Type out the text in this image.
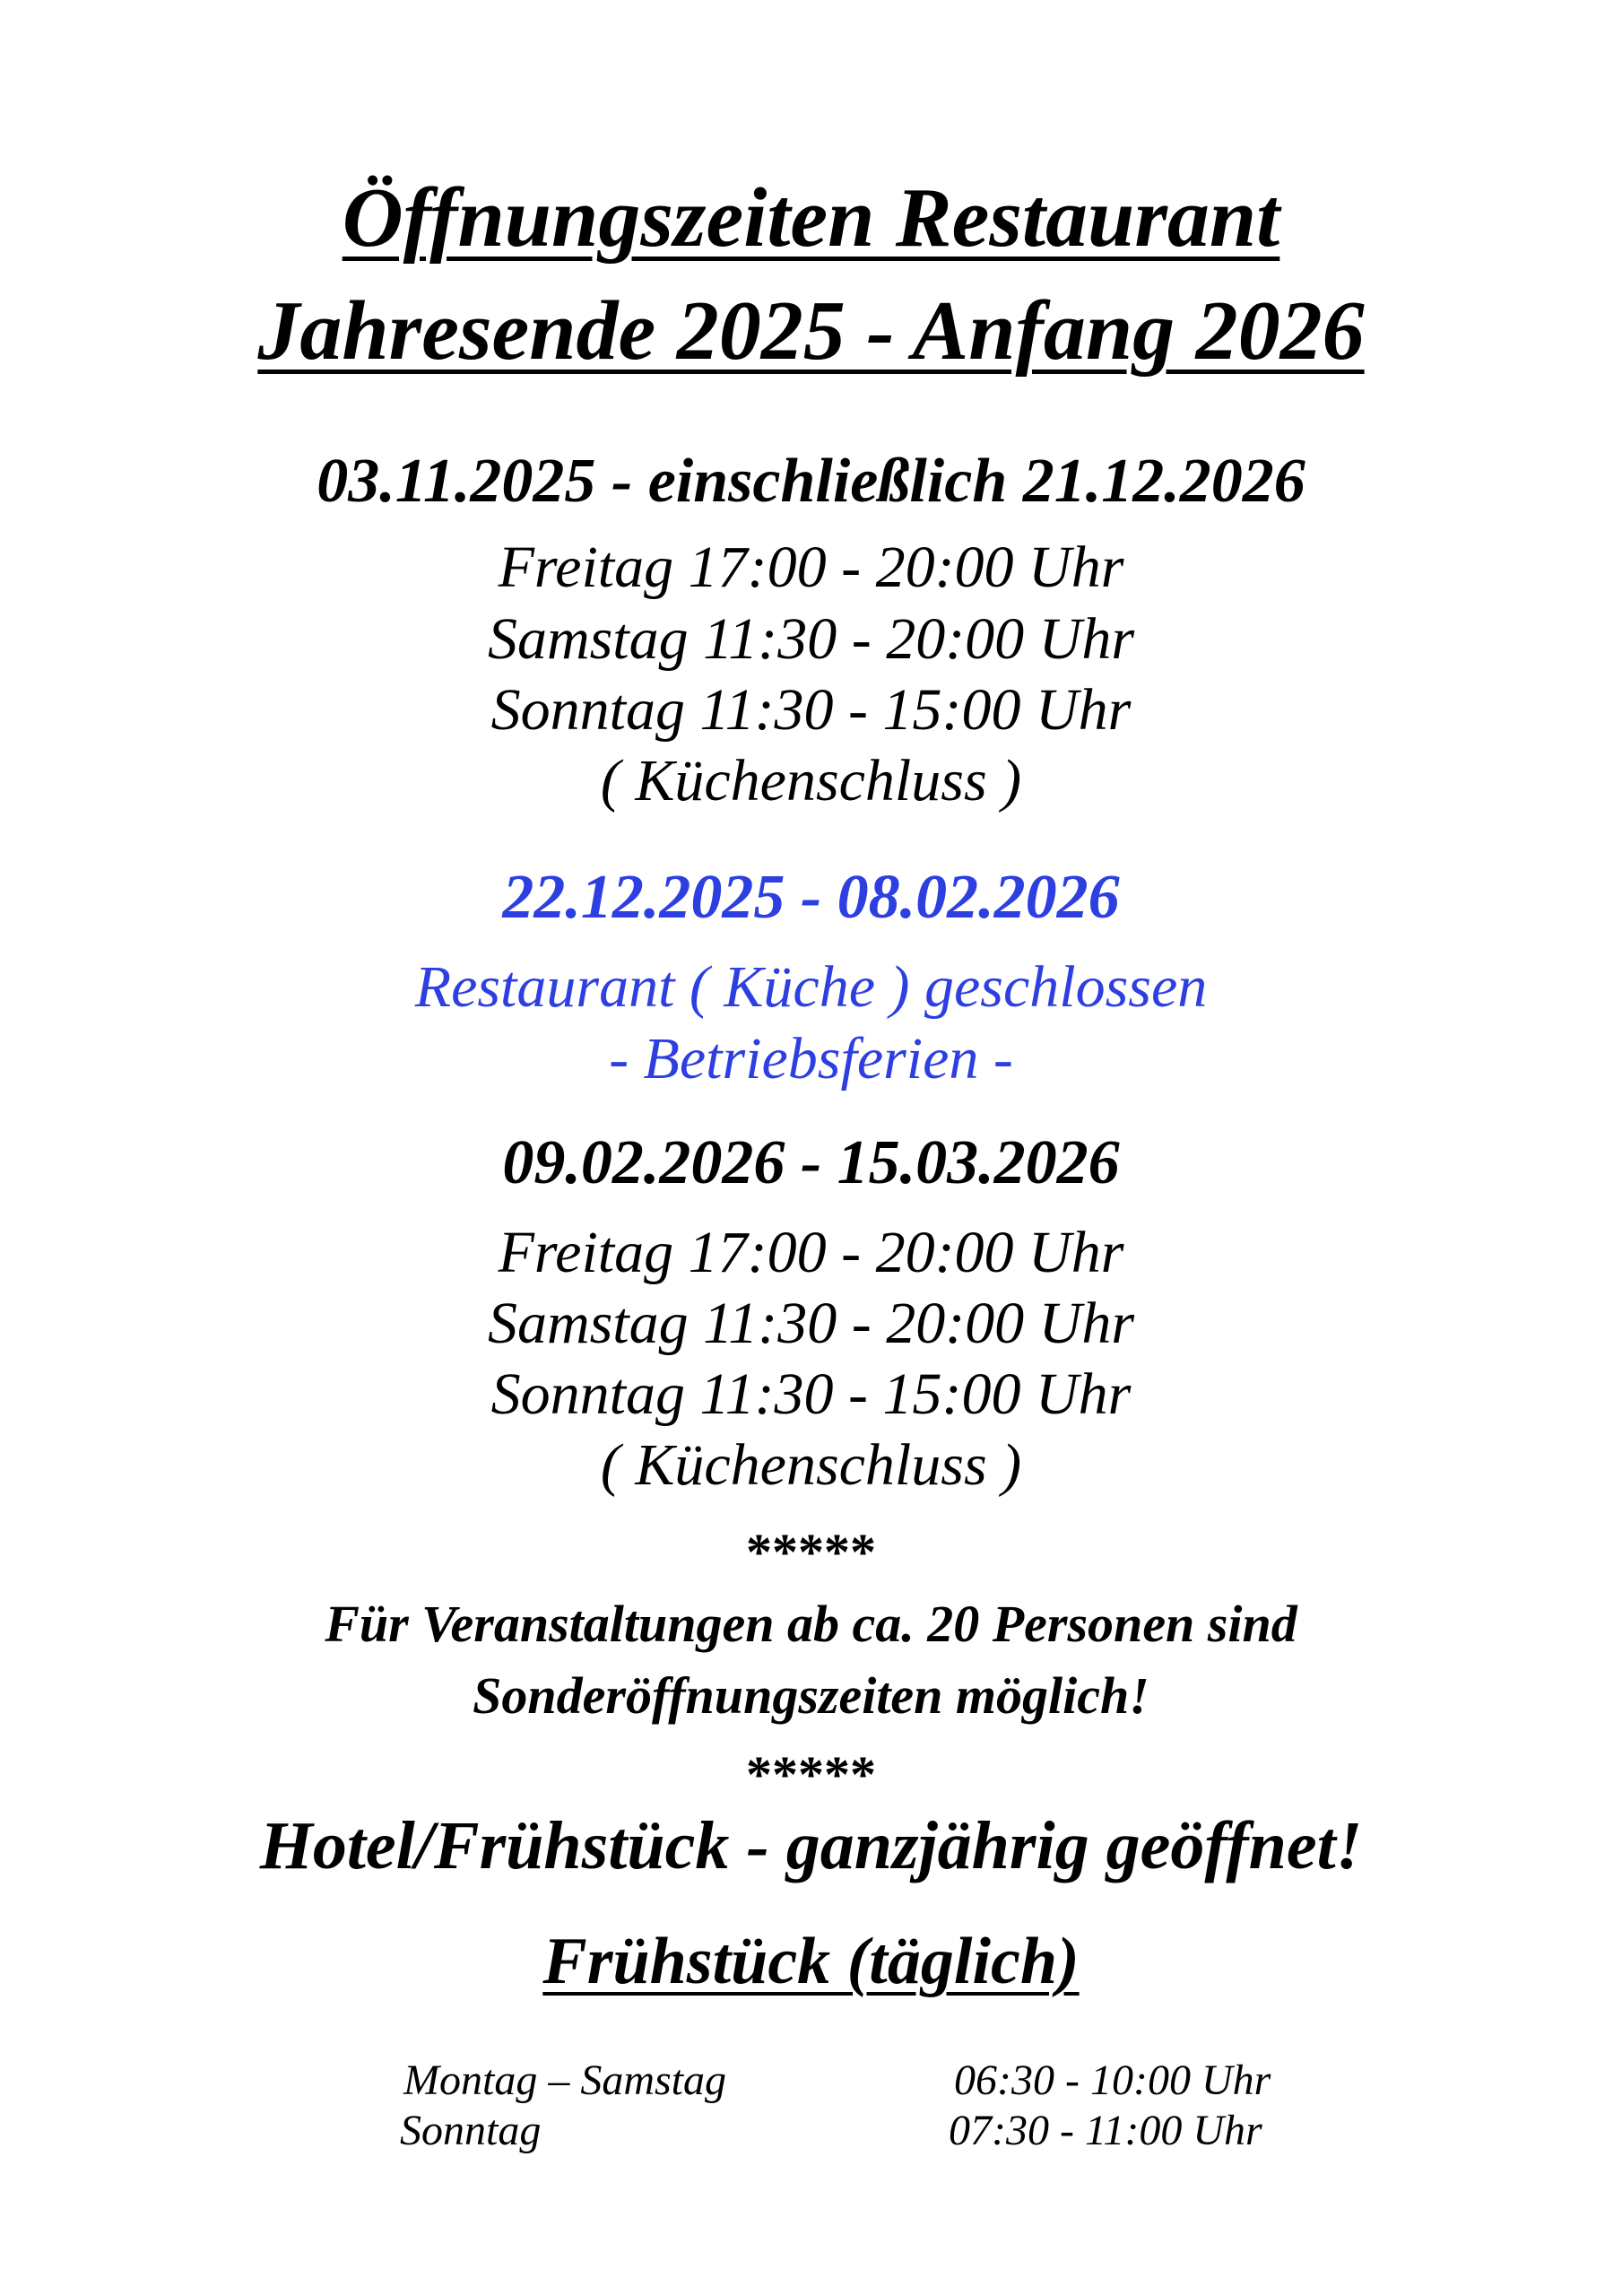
Öffnungszeiten Restaurant
Jahresende 2025 - Anfang 2026
03.11.2025 - einschließlich 21.12.2026
Freitag 17:00 - 20:00 Uhr
Samstag 11:30 - 20:00 Uhr
Sonntag 11:30 - 15:00 Uhr
( Küchenschluss )
22.12.2025 - 08.02.2026
Restaurant ( Küche ) geschlossen
- Betriebsferien -
09.02.2026 - 15.03.2026
Freitag 17:00 - 20:00 Uhr
Samstag 11:30 - 20:00 Uhr
Sonntag 11:30 - 15:00 Uhr
( Küchenschluss )
*****
Für Veranstaltungen ab ca. 20 Personen sind
Sonderöffnungszeiten möglich!
*****
Hotel/Frühstück - ganzjährig geöffnet!
Frühstück (täglich)
Montag – Samstag	06:30 - 10:00 Uhr
Sonntag	07:30 - 11:00 Uhr
